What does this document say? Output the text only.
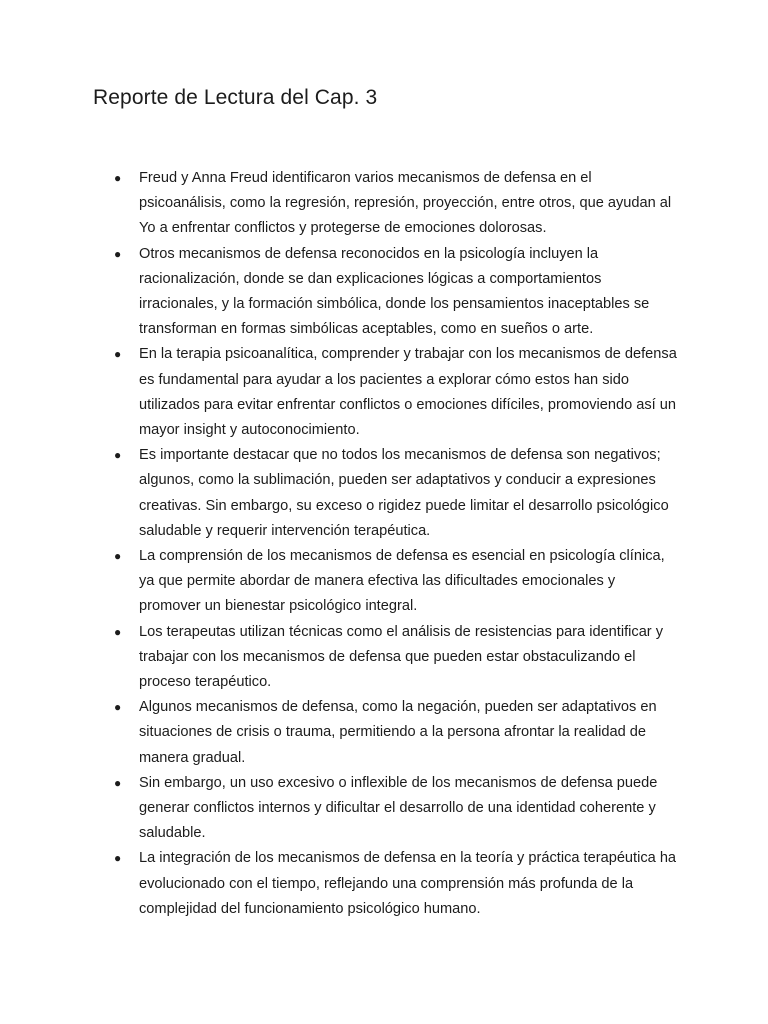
Reporte de Lectura del Cap. 3
● Freud y Anna Freud identificaron varios mecanismos de defensa en el psicoanálisis, como la regresión, represión, proyección, entre otros, que ayudan al Yo a enfrentar conflictos y protegerse de emociones dolorosas.
● Otros mecanismos de defensa reconocidos en la psicología incluyen la racionalización, donde se dan explicaciones lógicas a comportamientos irracionales, y la formación simbólica, donde los pensamientos inaceptables se transforman en formas simbólicas aceptables, como en sueños o arte.
● En la terapia psicoanalítica, comprender y trabajar con los mecanismos de defensa es fundamental para ayudar a los pacientes a explorar cómo estos han sido utilizados para evitar enfrentar conflictos o emociones difíciles, promoviendo así un mayor insight y autoconocimiento.
● Es importante destacar que no todos los mecanismos de defensa son negativos; algunos, como la sublimación, pueden ser adaptativos y conducir a expresiones creativas. Sin embargo, su exceso o rigidez puede limitar el desarrollo psicológico saludable y requerir intervención terapéutica.
● La comprensión de los mecanismos de defensa es esencial en psicología clínica, ya que permite abordar de manera efectiva las dificultades emocionales y promover un bienestar psicológico integral.
● Los terapeutas utilizan técnicas como el análisis de resistencias para identificar y trabajar con los mecanismos de defensa que pueden estar obstaculizando el proceso terapéutico.
● Algunos mecanismos de defensa, como la negación, pueden ser adaptativos en situaciones de crisis o trauma, permitiendo a la persona afrontar la realidad de manera gradual.
● Sin embargo, un uso excesivo o inflexible de los mecanismos de defensa puede generar conflictos internos y dificultar el desarrollo de una identidad coherente y saludable.
● La integración de los mecanismos de defensa en la teoría y práctica terapéutica ha evolucionado con el tiempo, reflejando una comprensión más profunda de la complejidad del funcionamiento psicológico humano.
